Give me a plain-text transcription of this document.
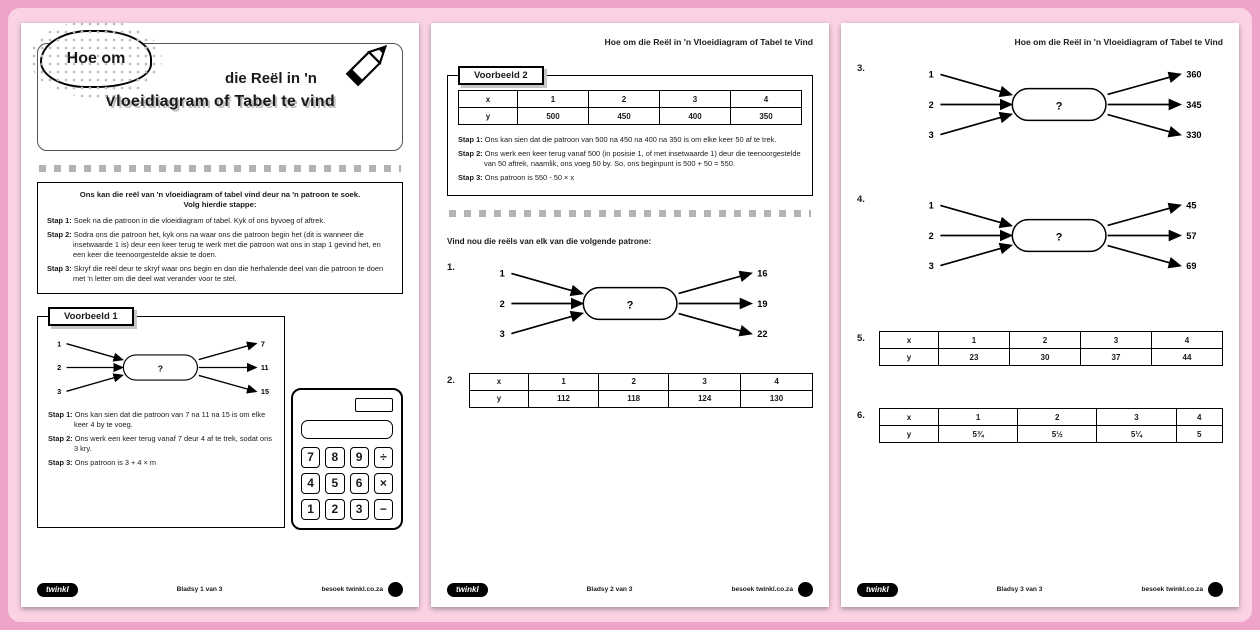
Hoe om
die Reël in 'n
Vloeidiagram of Tabel te vind

Ons kan die reël van 'n vloeidiagram of tabel vind deur na 'n patroon te soek.
Volg hierdie stappe:

Stap 1: Soek na die patroon in die vloeidiagram of tabel. Kyk of ons byvoeg of aftrek.

Stap 2: Sodra ons die patroon het, kyk ons na waar ons die patroon begin het (dit is wanneer die insetwaarde 1 is) deur een keer terug te werk met die patroon wat ons in stap 1 gevind het, en een keer die teenoorgestelde aksie te doen.

Stap 3: Skryf die reël deur te skryf waar ons begin en dan die herhalende deel van die patroon te doen met 'n letter om die deel wat verander voor te stel.

Voorbeeld 1
1
2
3
?
7
11
15

Stap 1: Ons kan sien dat die patroon van 7 na 11 na 15 is om elke keer 4 by te voeg.

Stap 2: Ons werk een keer terug vanaf 7 deur 4 af te trek, sodat ons 3 kry.

Stap 3: Ons patroon is 3 + 4 × m	7	8	9	÷
4	5	6	×
1	2	3	−
twinkl	Bladsy 1 van 3	besoek twinkl.co.za
Hoe om die Reël in 'n Vloeidiagram of Tabel te Vind
Voorbeeld 2
x	1	2	3	4
y	500	450	400	350

Stap 1: Ons kan sien dat die patroon van 500 na 450 na 400 na 350 is om elke keer 50 af te trek.

Stap 2: Ons werk een keer terug vanaf 500 (in posisie 1, of met insetwaarde 1) deur die teenoorgestelde van 50 aftrek, naamlik, ons voeg 50 by. So, ons beginpunt is 500 + 50 = 550.

Stap 3: Ons patroon is 550 - 50 × x

Vind nou die reëls van elk van die volgende patrone:
1.
1
2
3
?
16
19
22
2.	x	1	2	3	4
y	112	118	124	130
twinkl	Bladsy 2 van 3	besoek twinkl.co.za
Hoe om die Reël in 'n Vloeidiagram of Tabel te Vind
3.
1
2
3
?
360
345
330
4.
1
2
3
?
45
57
69
5.	x	1	2	3	4
y	23	30	37	44
6.	x	1	2	3	4
y	5¾	5½	5¼	5
twinkl	Bladsy 3 van 3	besoek twinkl.co.za
